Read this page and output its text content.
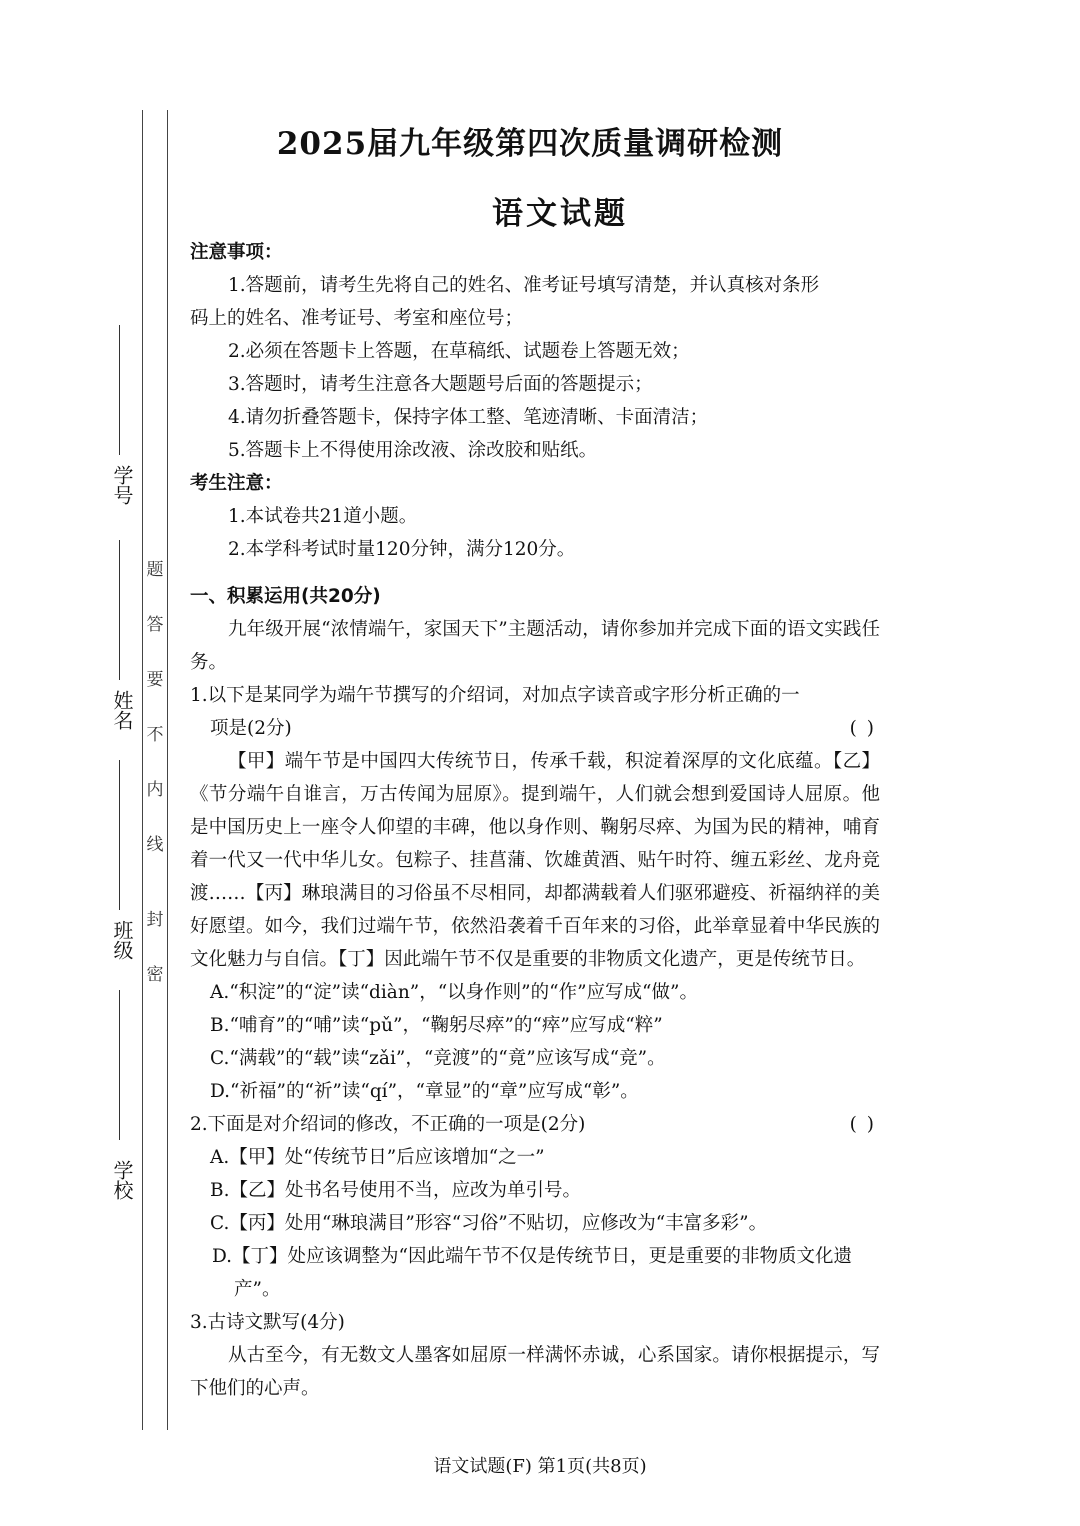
学号
姓名
班级
学校
题
答
要
不
内
线
封
密
2025届九年级第四次质量调研检测
语文试题

注意事项：

1.答题前，请考生先将自己的姓名、准考证号填写清楚，并认真核对条形

码上的姓名、准考证号、考室和座位号；

2.必须在答题卡上答题，在草稿纸、试题卷上答题无效；

3.答题时，请考生注意各大题题号后面的答题提示；

4.请勿折叠答题卡，保持字体工整、笔迹清晰、卡面清洁；

5.答题卡上不得使用涂改液、涂改胶和贴纸。

考生注意：

1.本试卷共21道小题。

2.本学科考试时量120分钟，满分120分。

一、积累运用(共20分)

九年级开展“浓情端午，家国天下”主题活动，请你参加并完成下面的语文实践任务。

1.以下是某同学为端午节撰写的介绍词，对加点字读音或字形分析正确的一

项是(2分)	( )

【甲】端午节是中国四大传统节日，传承千载，积淀着深厚的文化底蕴。【乙】《节分端午自谁言，万古传闻为屈原》。提到端午，人们就会想到爱国诗人屈原。他是中国历史上一座令人仰望的丰碑，他以身作则、鞠躬尽瘁、为国为民的精神，哺育着一代又一代中华儿女。包粽子、挂菖蒲、饮雄黄酒、贴午时符、缠五彩丝、龙舟竞渡……【丙】琳琅满目的习俗虽不尽相同，却都满载着人们驱邪避疫、祈福纳祥的美好愿望。如今，我们过端午节，依然沿袭着千百年来的习俗，此举章显着中华民族的文化魅力与自信。【丁】因此端午节不仅是重要的非物质文化遗产，更是传统节日。

A.“积淀”的“淀”读“diàn”，“以身作则”的“作”应写成“做”。

B.“哺育”的“哺”读“pǔ”，“鞠躬尽瘁”的“瘁”应写成“粹”

C.“满载”的“载”读“zǎi”，“竞渡”的“竟”应该写成“竞”。

D.“祈福”的“祈”读“qí”，“章显”的“章”应写成“彰”。

2.下面是对介绍词的修改，不正确的一项是(2分)	( )

A.【甲】处“传统节日”后应该增加“之一”

B.【乙】处书名号使用不当，应改为单引号。

C.【丙】处用“琳琅满目”形容“习俗”不贴切，应修改为“丰富多彩”。

D.【丁】处应该调整为“因此端午节不仅是传统节日，更是重要的非物质文化遗产”。

3.古诗文默写(4分)

从古至今，有无数文人墨客如屈原一样满怀赤诚，心系国家。请你根据提示，写下他们的心声。

语文试题(F) 第1页(共8页)
